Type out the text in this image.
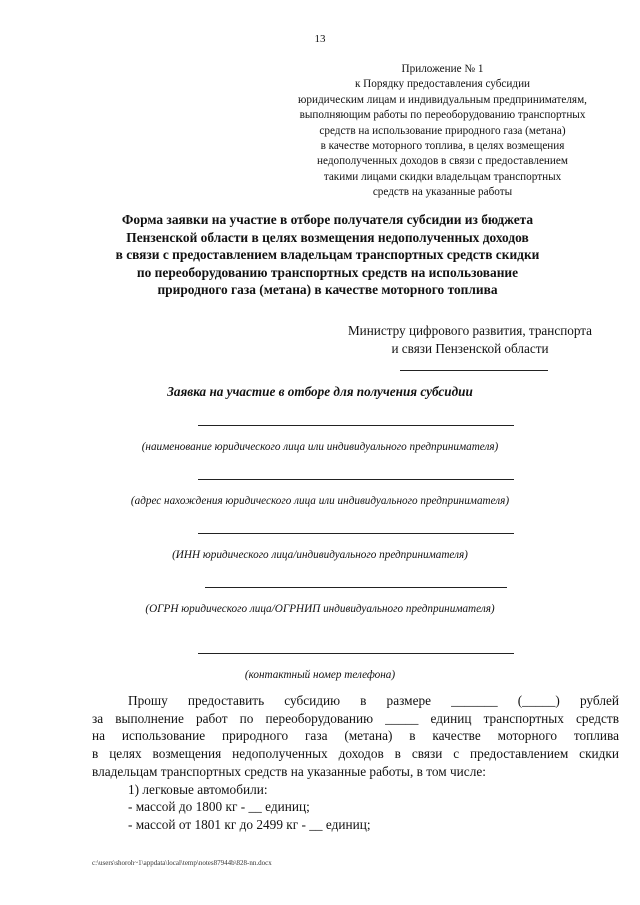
13
Приложение № 1
к Порядку предоставления субсидии
юридическим лицам и индивидуальным предпринимателям,
выполняющим работы по переоборудованию транспортных
средств на использование природного газа (метана)
в качестве моторного топлива, в целях возмещения
недополученных доходов в связи с предоставлением
такими лицами скидки владельцам транспортных
средств на указанные работы
Форма заявки на участие в отборе получателя субсидии из бюджета
Пензенской области в целях возмещения недополученных доходов
в связи с предоставлением владельцам транспортных средств скидки
по переоборудованию транспортных средств на использование
природного газа (метана) в качестве моторного топлива
Министру цифрового развития, транспорта
и связи Пензенской области
Заявка на участие в отборе для получения субсидии
(наименование юридического лица или индивидуального предпринимателя)
(адрес нахождения юридического лица или индивидуального предпринимателя)
(ИНН юридического лица/индивидуального предпринимателя)
(ОГРН юридического лица/ОГРНИП индивидуального предпринимателя)
(контактный номер телефона)
Прошу предоставить субсидию в размере _______ (_____) рублей
за выполнение работ по переоборудованию _____ единиц транспортных средств
на использование природного газа (метана) в качестве моторного топлива
в целях возмещения недополученных доходов в связи с предоставлением скидки
владельцам транспортных средств на указанные работы, в том числе:
1) легковые автомобили:
- массой до 1800 кг - __ единиц;
- массой от 1801 кг до 2499 кг - __ единиц;
c:\users\shoroh~1\appdata\local\temp\notes87944b\828-nn.docx
